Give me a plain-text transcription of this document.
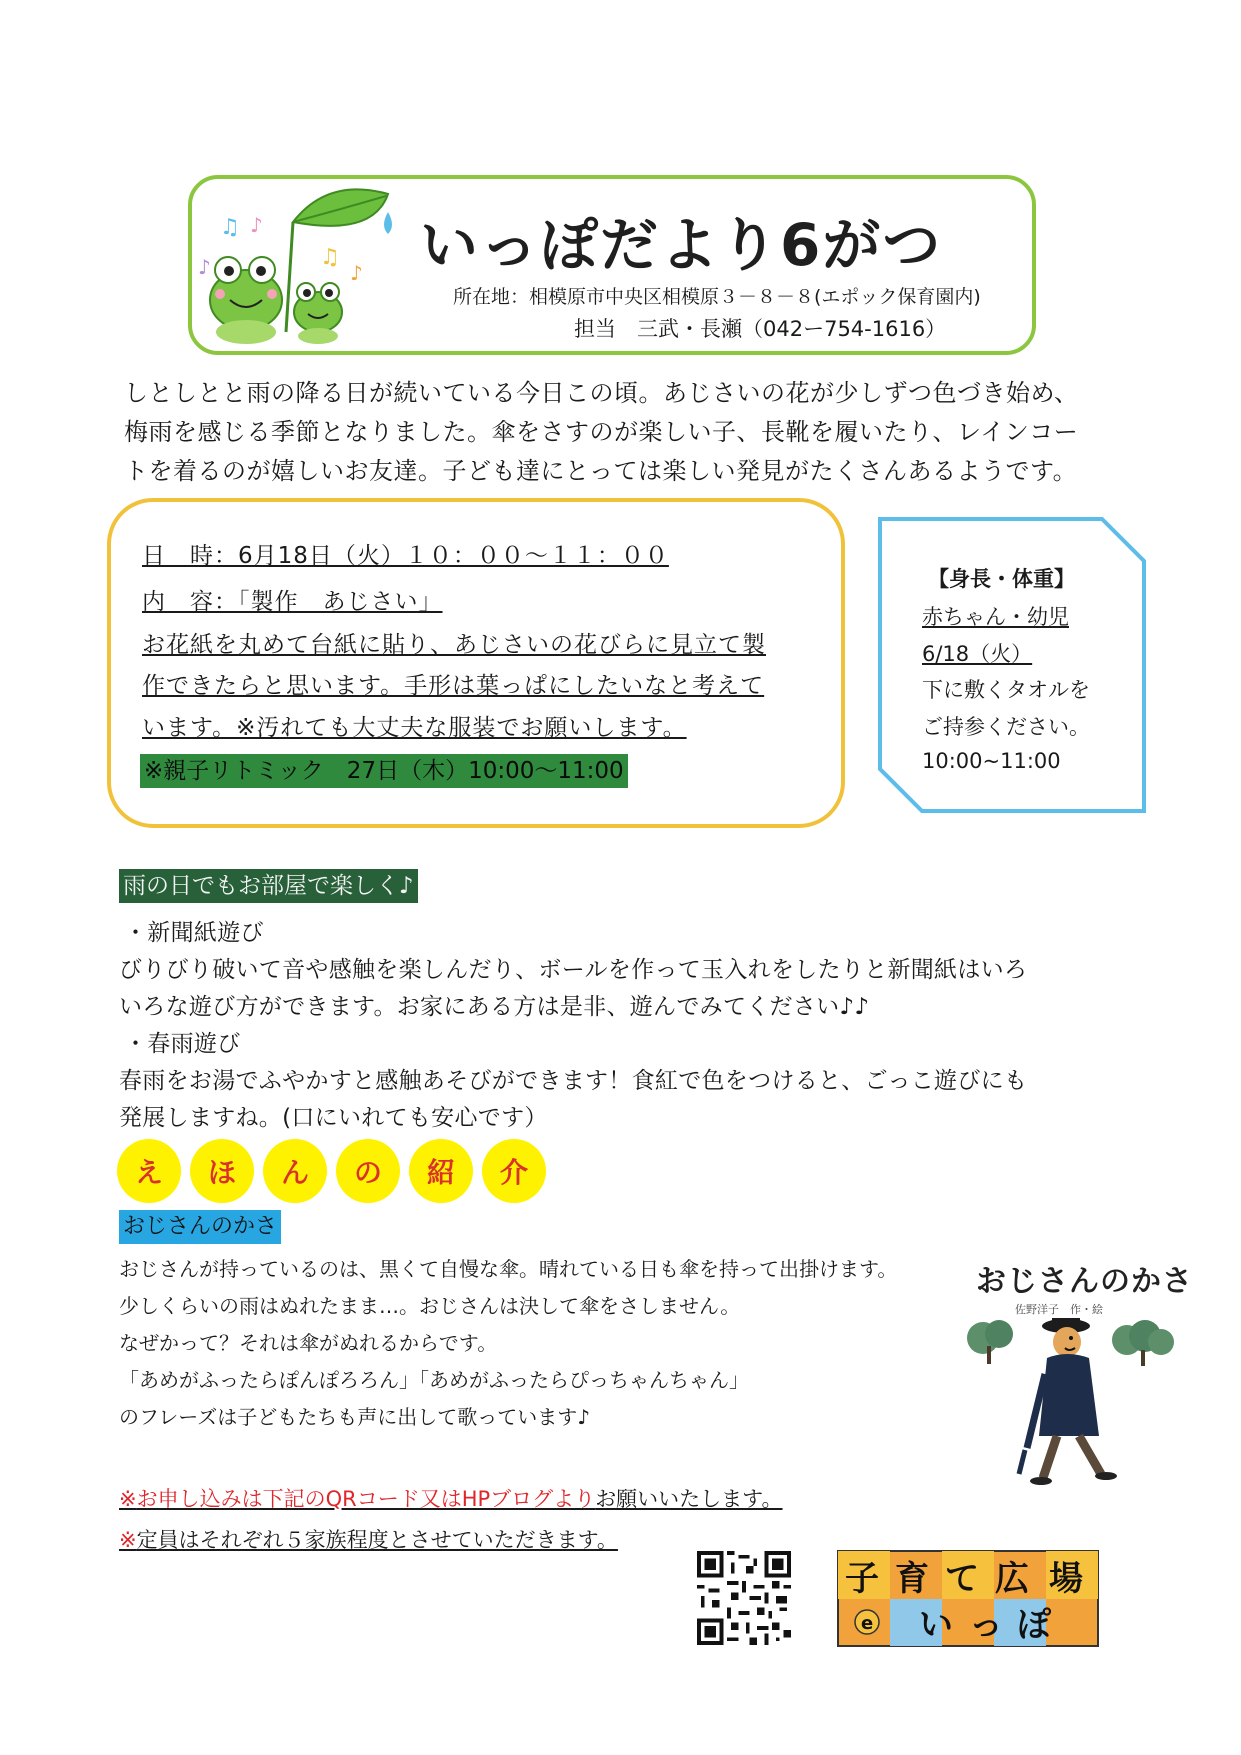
♫ ♪
♪	♫
♪ いっぽだより6がつ
所在地：相模原市中央区相模原３－８－８(エポック保育園内)
担当　三武・長瀬（042ー754-1616）
しとしとと雨の降る日が続いている今日この頃。あじさいの花が少しずつ色づき始め、
梅雨を感じる季節となりました。傘をさすのが楽しい子、長靴を履いたり、レインコー
トを着るのが嬉しいお友達。子ども達にとっては楽しい発見がたくさんあるようです。
日　時：6月18日（火）１０：００～１１：００
内　容：「製作　あじさい」
お花紙を丸めて台紙に貼り、あじさいの花びらに見立て製
作できたらと思います。手形は葉っぱにしたいなと考えて
います。※汚れても大丈夫な服装でお願いします。
※親子リトミック　27日（木）10:00～11:00
【身長・体重】
赤ちゃん・幼児
6/18（火）
下に敷くタオルを
ご持参ください。
10:00~11:00
雨の日でもお部屋で楽しく♪
・新聞紙遊び
びりびり破いて音や感触を楽しんだり、ボールを作って玉入れをしたりと新聞紙はいろ
いろな遊び方ができます。お家にある方は是非、遊んでみてください♪♪
・春雨遊び
春雨をお湯でふやかすと感触あそびができます！食紅で色をつけると、ごっこ遊びにも
発展しますね。(口にいれても安心です）
え	ほ	ん	の	紹	介
おじさんのかさ
おじさんが持っているのは、黒くて自慢な傘。晴れている日も傘を持って出掛けます。
少しくらいの雨はぬれたまま…。おじさんは決して傘をさしません。
なぜかって？それは傘がぬれるからです。
「あめがふったらぽんぽろろん」「あめがふったらぴっちゃんちゃん」
のフレーズは子どもたちも声に出して歌っています♪
おじさんのかさ
佐野洋子　作・絵
※お申し込みは下記のQRコード又はHPブログよりお願いいたします。
※定員はそれぞれ５家族程度とさせていただきます。
e
子 育 て 広 場
い っ ぽ
